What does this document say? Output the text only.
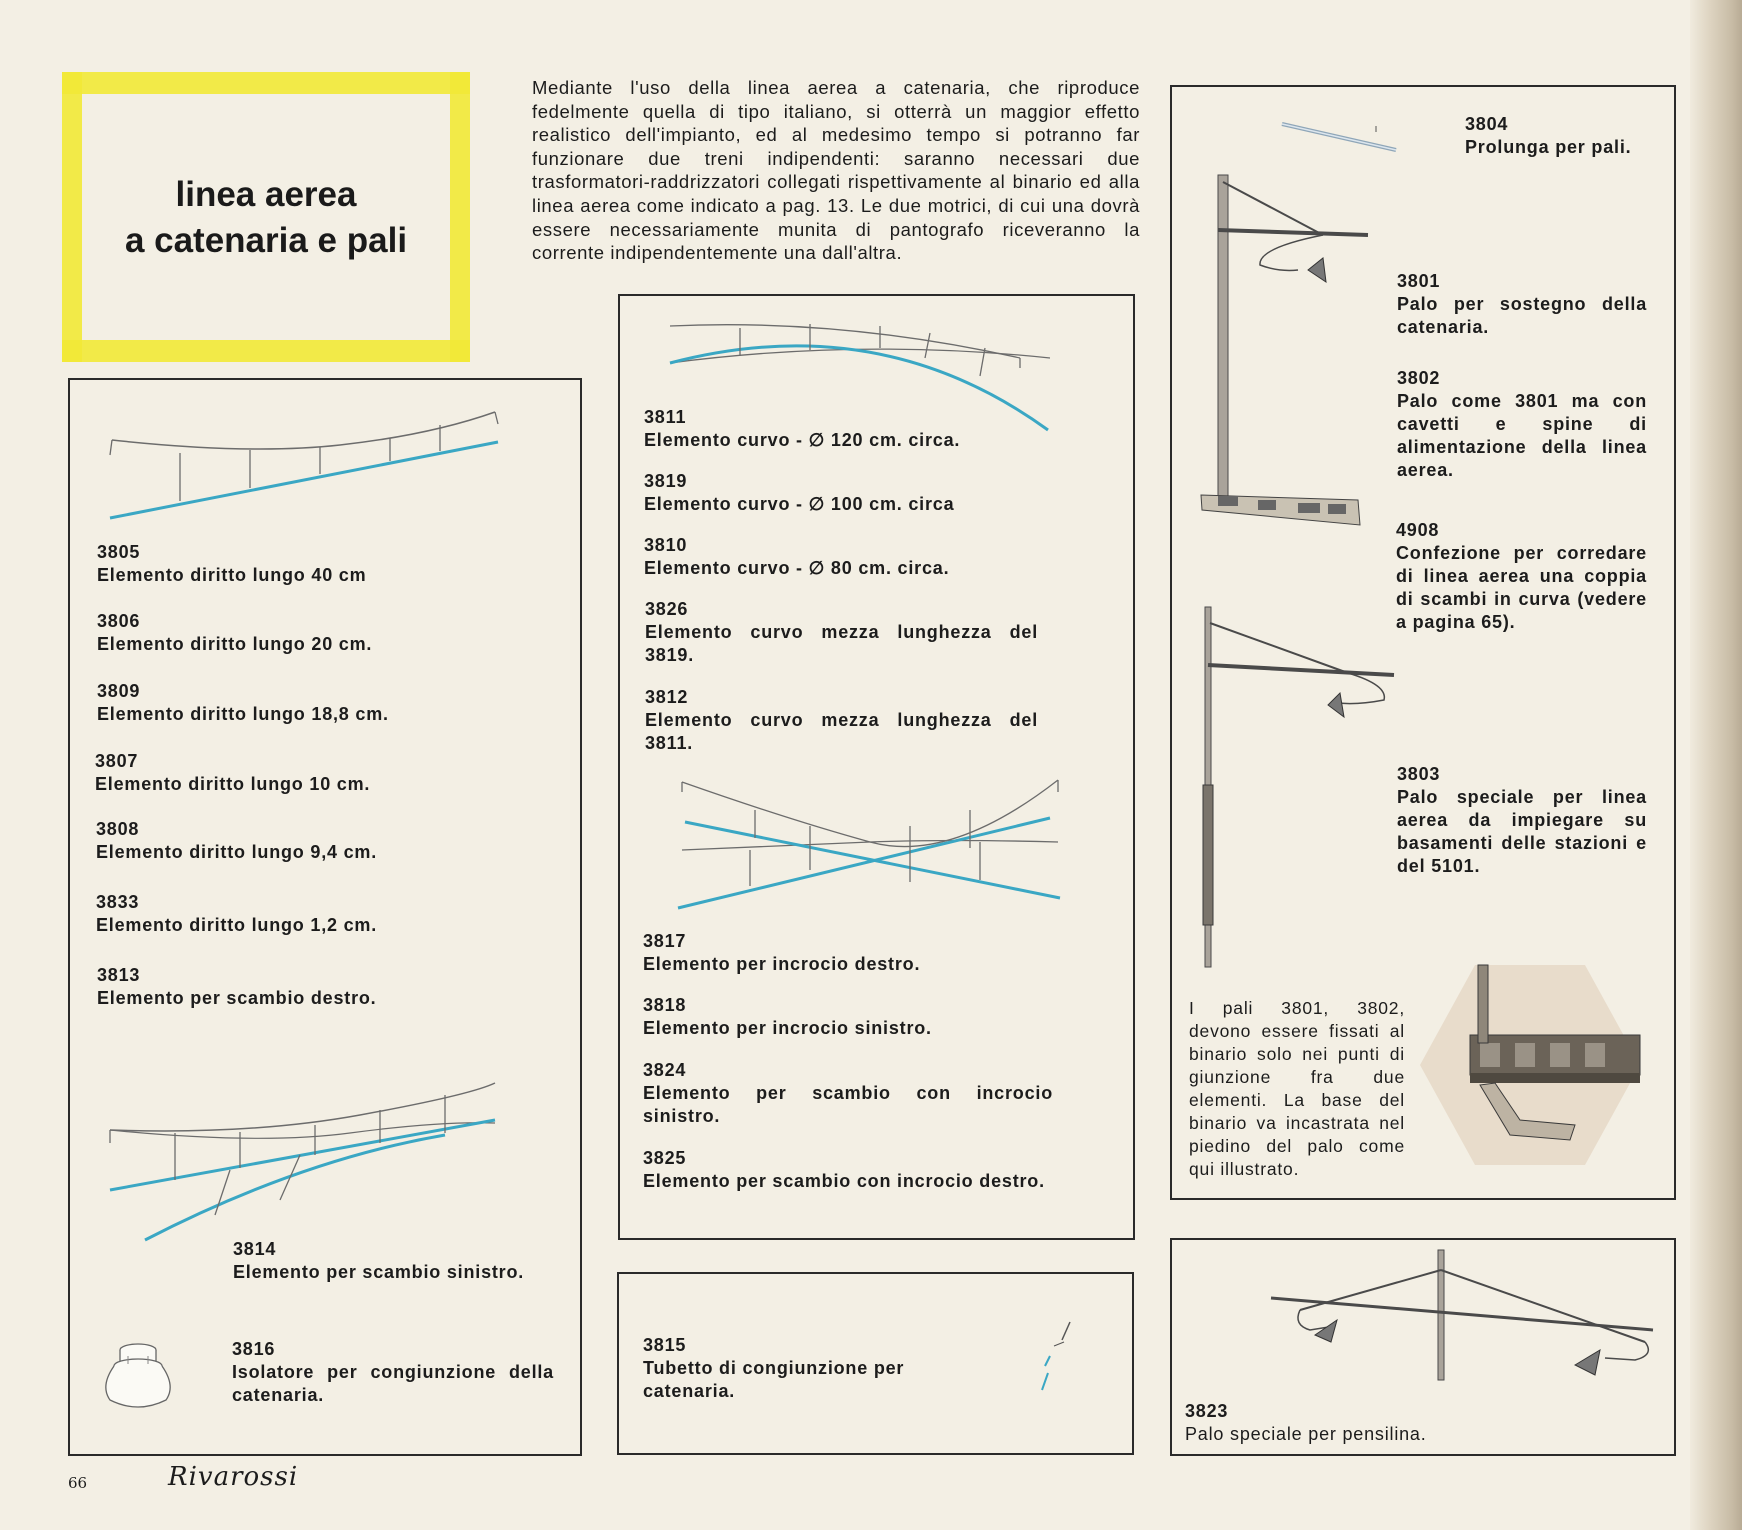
linea aerea
a catenaria e pali
Mediante l'uso della linea aerea a catenaria, che riproduce fedelmente quella di tipo italiano, si otterrà un maggior effetto realistico dell'impianto, ed al medesimo tempo si potranno far funzionare due treni indipendenti: saranno necessari due trasformatori-raddrizzatori collegati rispettivamente al binario ed alla linea aerea come indicato a pag. 13. Le due motrici, di cui una dovrà essere necessariamente munita di pantografo riceveranno la corrente indipendentemente una dall'altra.
3805
Elemento diritto lungo 40 cm
3806
Elemento diritto lungo 20 cm.
3809
Elemento diritto lungo 18,8 cm.
3807
Elemento diritto lungo 10 cm.
3808
Elemento diritto lungo 9,4 cm.
3833
Elemento diritto lungo 1,2 cm.
3813
Elemento per scambio destro.
3814
Elemento per scambio sinistro.
3816
Isolatore per congiunzione della catenaria.
3811
Elemento curvo - ∅ 120 cm. circa.
3819
Elemento curvo - ∅ 100 cm. circa
3810
Elemento curvo - ∅ 80 cm. circa.
3826
Elemento curvo mezza lunghezza del 3819.
3812
Elemento curvo mezza lunghezza del 3811.
3817
Elemento per incrocio destro.
3818
Elemento per incrocio sinistro.
3824
Elemento per scambio con incrocio sinistro.
3825
Elemento per scambio con incrocio destro.
3815
Tubetto di congiunzione per catenaria.
3804
Prolunga per pali.
3801
Palo per sostegno della catenaria.
3802
Palo come 3801 ma con cavetti e spine di alimentazione della linea aerea.
4908
Confezione per corredare di linea aerea una coppia di scambi in curva (vedere a pagina 65).
3803
Palo speciale per linea aerea da impiegare su basamenti delle stazioni e del 5101.
I pali 3801, 3802, devono essere fissati al binario solo nei punti di giunzione fra due elementi. La base del binario va incastrata nel piedino del palo come qui illustrato.
3823
Palo speciale per pensilina.
66	Rivarossi
